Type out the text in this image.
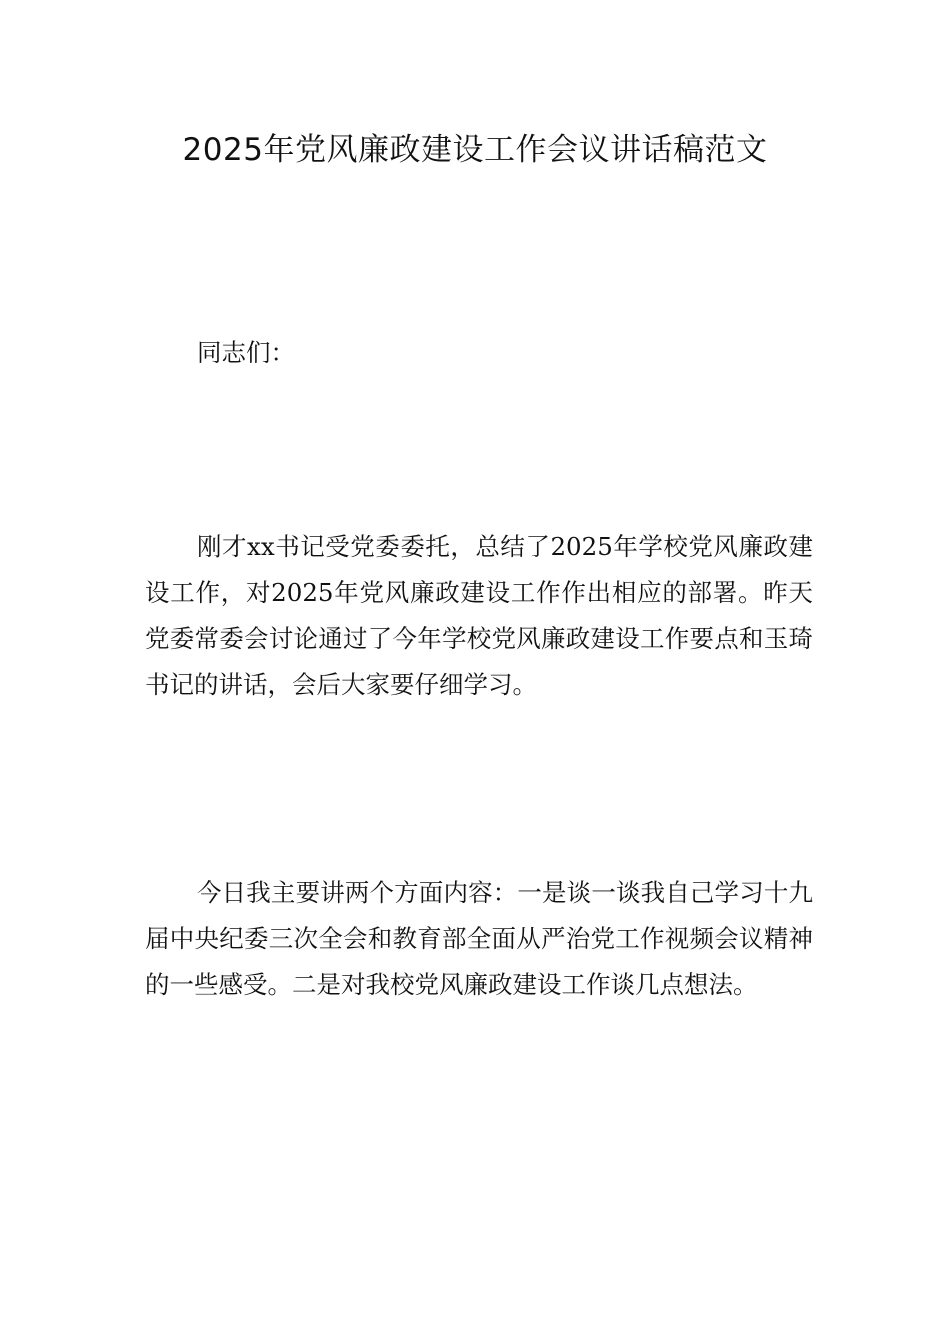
2025年党风廉政建设工作会议讲话稿范文

同志们：

刚才xx书记受党委委托，总结了2025年学校党风廉政建设工作，对2025年党风廉政建设工作作出相应的部署。昨天党委常委会讨论通过了今年学校党风廉政建设工作要点和玉琦书记的讲话，会后大家要仔细学习。

今日我主要讲两个方面内容：一是谈一谈我自己学习十九届中央纪委三次全会和教育部全面从严治党工作视频会议精神的一些感受。二是对我校党风廉政建设工作谈几点想法。
